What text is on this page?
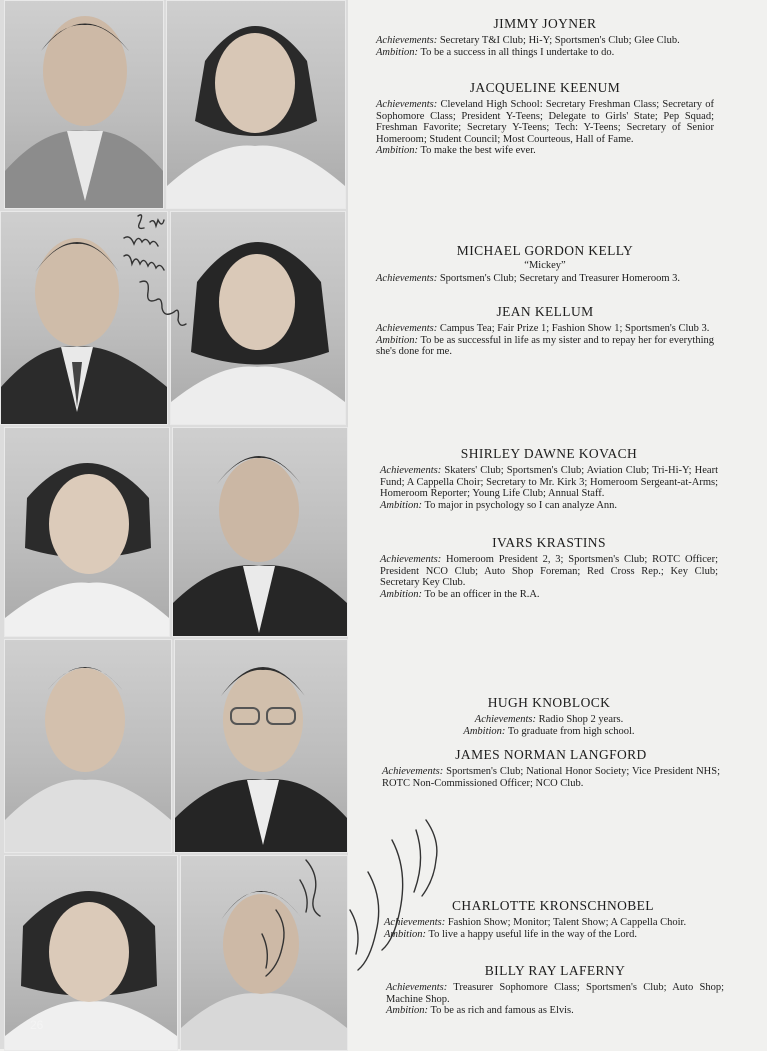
26
JIMMY JOYNER

Achievements: Secretary T&I Club; Hi-Y; Sportsmen's Club; Glee Club.

Ambition: To be a success in all things I undertake to do.

JACQUELINE KEENUM

Achievements: Cleveland High School: Secretary Freshman Class; Secretary of Sophomore Class; President Y-Teens; Delegate to Girls' State; Pep Squad; Freshman Favorite; Secretary Y-Teens; Tech: Y-Teens; Secretary of Senior Homeroom; Student Council; Most Courteous, Hall of Fame.

Ambition: To make the best wife ever.

MICHAEL GORDON KELLY
“Mickey”

Achievements: Sportsmen's Club; Secretary and Treasurer Homeroom 3.

JEAN KELLUM

Achievements: Campus Tea; Fair Prize 1; Fashion Show 1; Sportsmen's Club 3.

Ambition: To be as successful in life as my sister and to repay her for everything she's done for me.

SHIRLEY DAWNE KOVACH

Achievements: Skaters' Club; Sportsmen's Club; Aviation Club; Tri-Hi-Y; Heart Fund; A Cappella Choir; Secretary to Mr. Kirk 3; Homeroom Sergeant-at-Arms; Homeroom Reporter; Young Life Club; Annual Staff.

Ambition: To major in psychology so I can analyze Ann.

IVARS KRASTINS

Achievements: Homeroom President 2, 3; Sportsmen's Club; ROTC Officer; President NCO Club; Auto Shop Foreman; Red Cross Rep.; Key Club; Secretary Key Club.

Ambition: To be an officer in the R.A.

HUGH KNOBLOCK

Achievements: Radio Shop 2 years.

Ambition: To graduate from high school.

JAMES NORMAN LANGFORD

Achievements: Sportsmen's Club; National Honor Society; Vice President NHS; ROTC Non-Commissioned Officer; NCO Club.

CHARLOTTE KRONSCHNOBEL

Achievements: Fashion Show; Monitor; Talent Show; A Cappella Choir.

Ambition: To live a happy useful life in the way of the Lord.

BILLY RAY LAFERNY

Achievements: Treasurer Sophomore Class; Sportsmen's Club; Auto Shop; Machine Shop.

Ambition: To be as rich and famous as Elvis.
